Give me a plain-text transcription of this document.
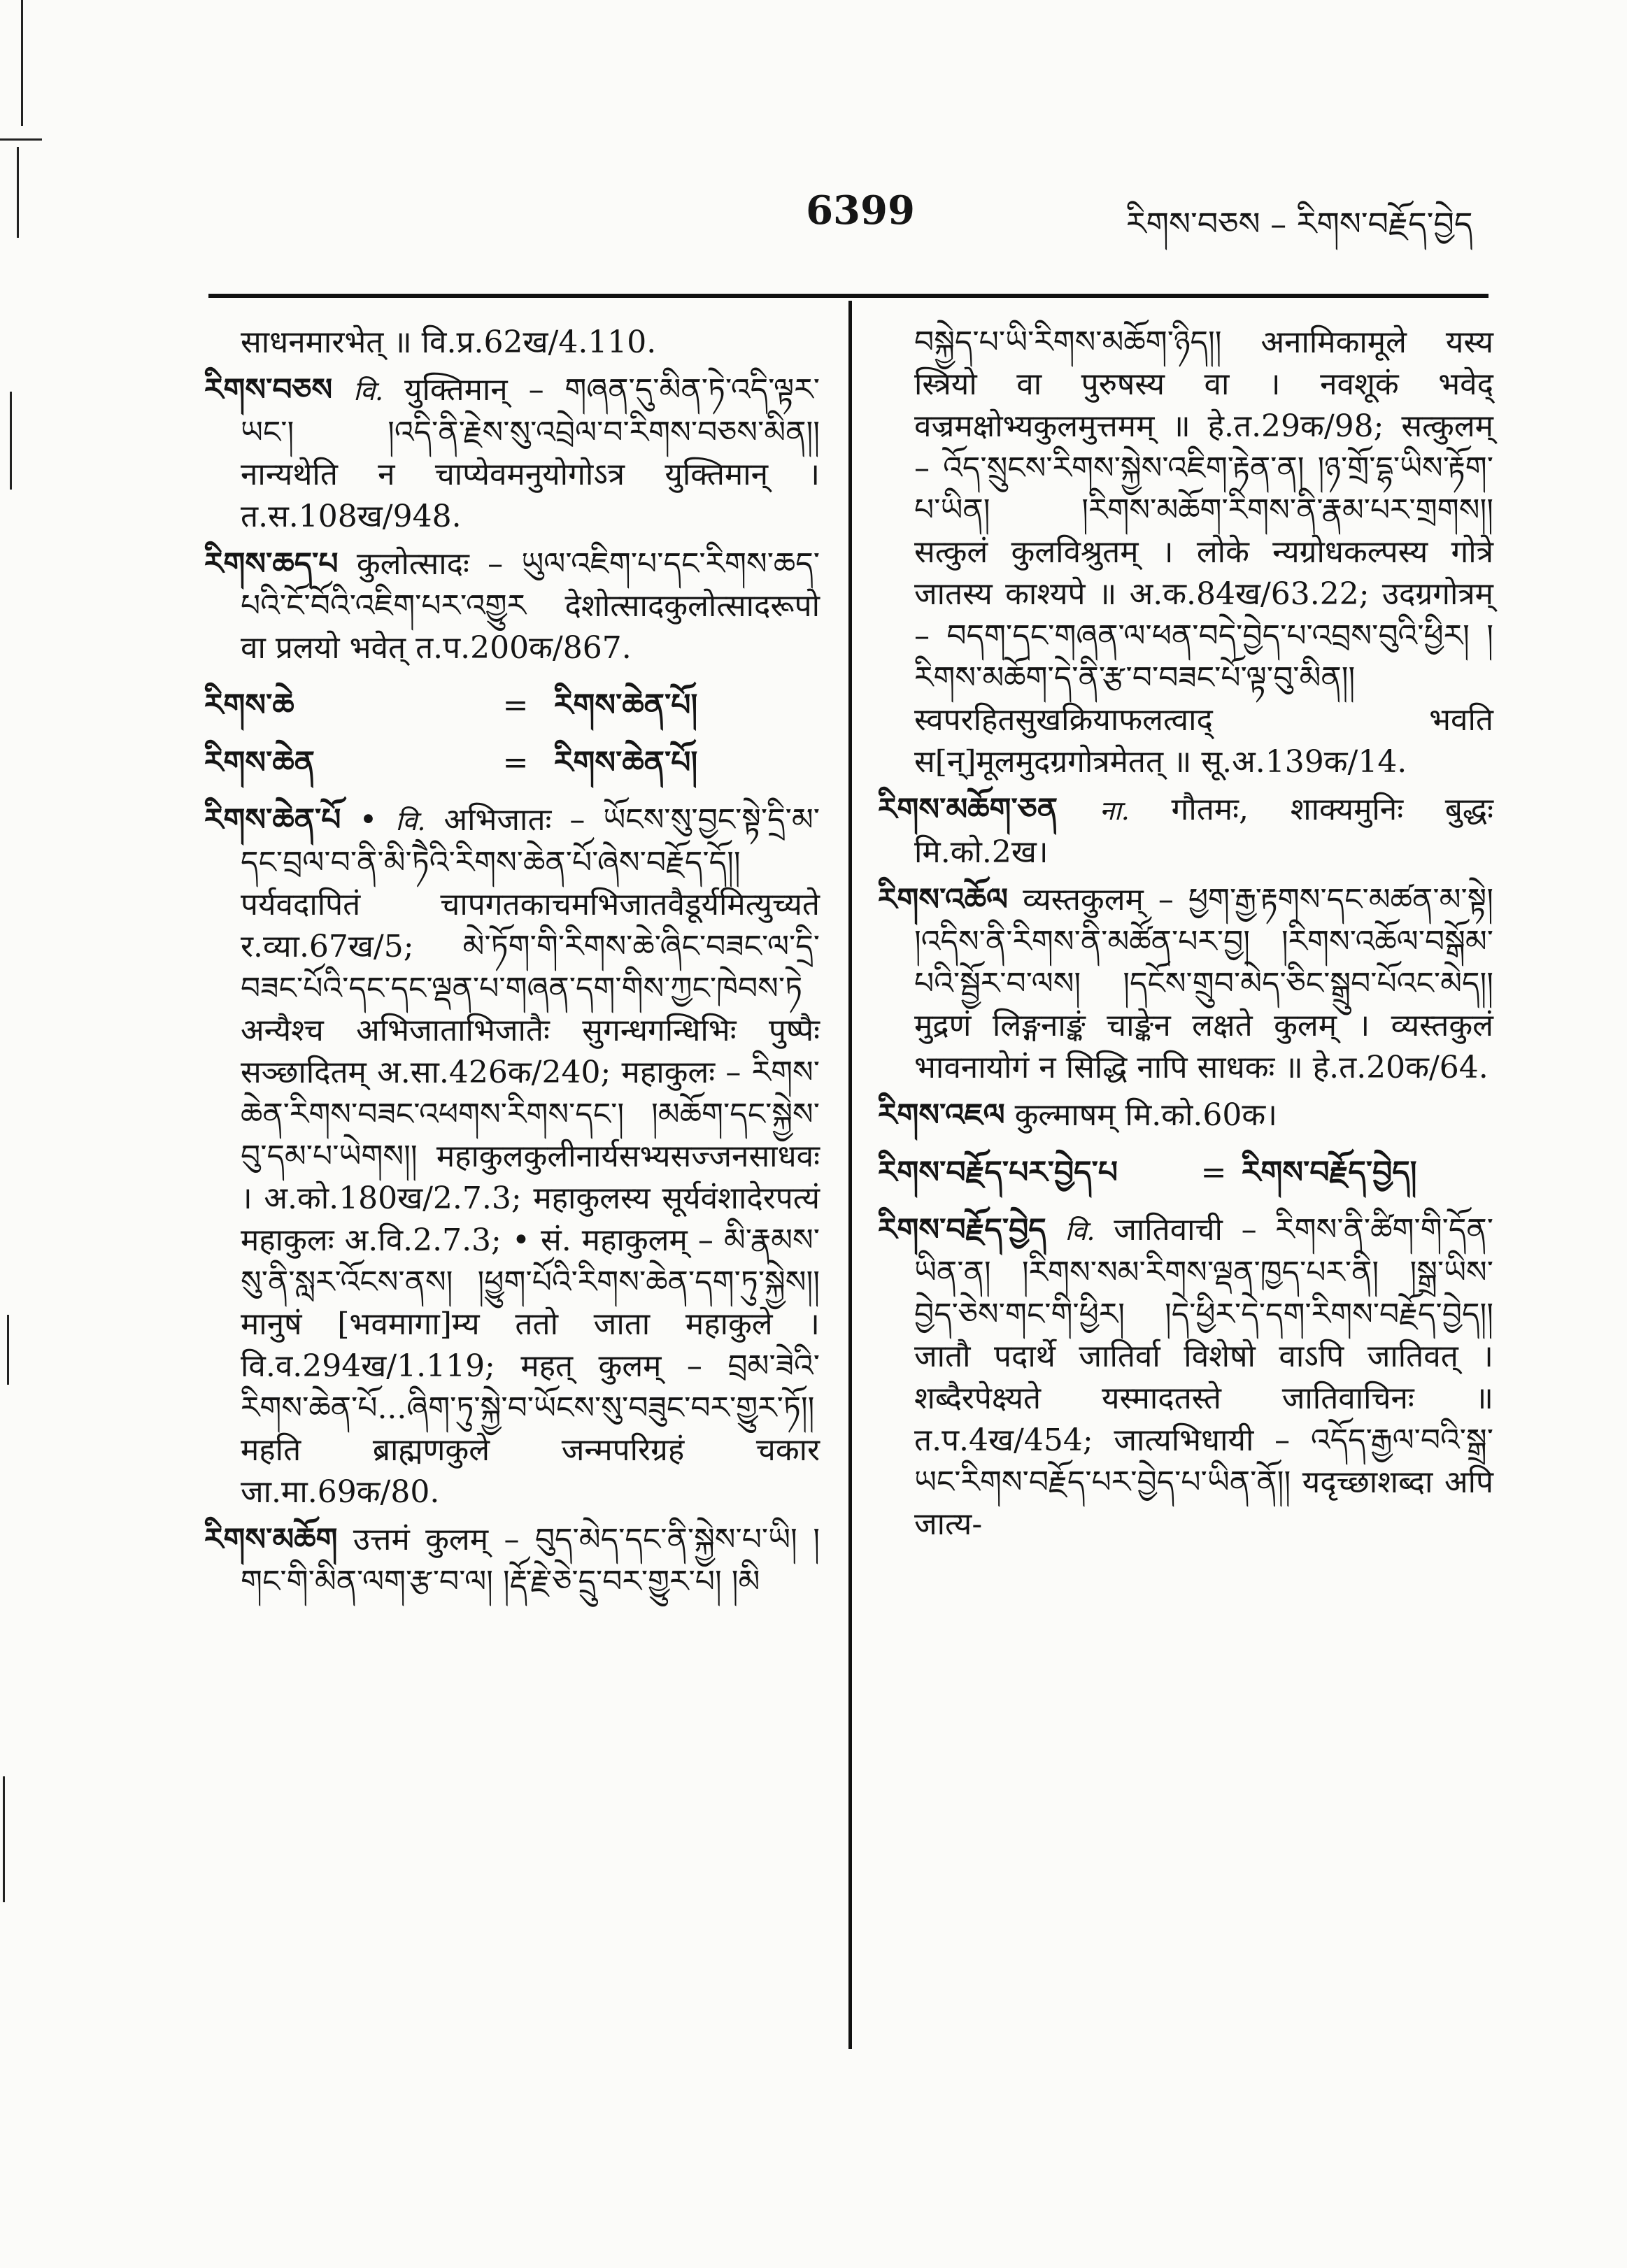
6399	རིགས་བཅས – རིགས་བརྗོད་བྱེད

साधनमारभेत् ॥ वि.प्र.62ख/4.110.

རིགས་བཅས वि. युक्तिमान् – གཞན་དུ་མིན་ཏེ་འདི་ལྟར་ཡང་། །འདི་ནི་རྗེས་སུ་འབྲེལ་བ་རིགས་བཅས་མིན།། नान्यथेति न चाप्येवमनुयोगोऽत्र युक्तिमान् । त.स.108ख/948.

རིགས་ཆད་པ कुलोत्सादः – ཡུལ་འཇིག་པ་དང་རིགས་ཆད་པའི་ངོ་བོའི་འཇིག་པར་འགྱུར देशोत्सादकुलोत्सादरूपो वा प्रलयो भवेत् त.प.200क/867.

རིགས་ཆེ	= རིགས་ཆེན་པོ།
རིགས་ཆེན	= རིགས་ཆེན་པོ།

རིགས་ཆེན་པོ • वि. अभिजातः – ཡོངས་སུ་བྱང་སྟེ་དྲི་མ་དང་བྲལ་བ་ནི་མི་ཏཻའི་རིགས་ཆེན་པོ་ཞེས་བརྗོད་དོ།། पर्यवदापितं चापगतकाचमभिजातवैडूर्यमित्युच्यते र.व्या.67ख/5; མེ་ཏོག་གི་རིགས་ཆེ་ཞིང་བཟང་ལ་དྲི་བཟང་པོའི་དང་དང་ལྡན་པ་གཞན་དག་གིས་ཀྱང་ཁེབས་ཏེ अन्यैश्च अभिजाताभिजातैः सुगन्धगन्धिभिः पुष्पैः सञ्छादितम् अ.सा.426क/240; महाकुलः – རིགས་ཆེན་རིགས་བཟང་འཕགས་རིགས་དང་། །མཆོག་དང་སྐྱེས་བུ་དམ་པ་ཡེགས།། महाकुलकुलीनार्यसभ्यसज्जनसाधवः । अ.को.180ख/2.7.3; महाकुलस्य सूर्यवंशादेरपत्यं महाकुलः अ.वि.2.7.3; • सं. महाकुलम् – མི་རྣམས་སུ་ནི་སླར་འོངས་ནས། །ཕྱུག་པོའི་རིགས་ཆེན་དག་ཏུ་སྐྱེས།། मानुषं [भवमागा]म्य ततो जाता महाकुले । वि.व.294ख/1.119; महत् कुलम् – བྲམ་ཟེའི་རིགས་ཆེན་པོ...ཞིག་ཏུ་སྐྱེ་བ་ཡོངས་སུ་བཟུང་བར་གྱུར་ཏོ།། महति ब्राह्मणकुले जन्मपरिग्रहं चकार जा.मा.69क/80.

རིགས་མཆོག उत्तमं कुलम् – བུད་མེད་དང་ནི་སྐྱེས་པ་ཡི། །གང་གི་མིན་ལག་རྩ་བ་ལ། །རྡོ་རྗེ་ཅེ་དྲུ་བར་གྱུར་པ། །མི

བསྐྱེད་པ་ཡི་རིགས་མཆོག་ཉིད།། अनामिकामूले यस्य स्त्रियो वा पुरुषस्य वा । नवशूकं भवेद् वज्रमक्षोभ्यकुलमुत्तमम् ॥ हे.त.29क/98; सत्कुलम् – འོད་སྲུངས་རིགས་སྐྱེས་འཇིག་རྟེན་ན། །ཉ་གྲོ་དྷ་ཡིས་རྟོག་པ་ཡིན། །རིགས་མཆོག་རིགས་ནི་རྣམ་པར་གྲགས།། सत्कुलं कुलविश्रुतम् । लोके न्यग्रोधकल्पस्य गोत्रे जातस्य काश्यपे ॥ अ.क.84ख/63.22; उदग्रगोत्रम् – བདག་དང་གཞན་ལ་ཕན་བདེ་བྱེད་པ་འབྲས་བུའི་ཕྱིར། །རིགས་མཆོག་དེ་ནི་རྩ་བ་བཟང་པོ་ལྟ་བུ་མིན།། स्वपरहितसुखक्रियाफलत्वाद् भवति स[न्]मूलमुदग्रगोत्रमेतत् ॥ सू.अ.139क/14.

རིགས་མཆོག་ཅན ना. गौतमः, शाक्यमुनिः बुद्धः मि.को.2ख।

རིགས་འཆོལ व्यस्तकुलम् – ཕྱག་རྒྱ་རྟགས་དང་མཚན་མ་སྟེ། །འདིས་ནི་རིགས་ནི་མཚོན་པར་བྱ། །རིགས་འཆོལ་བསྒོམ་པའི་སྦྱོར་བ་ལས། །དངོས་གྲུབ་མེད་ཅིང་སྒྲུབ་པོའང་མེད།། मुद्रणं लिङ्गनाङ्कं चाङ्केन लक्षते कुलम् । व्यस्तकुलं भावनायोगं न सिद्धि नापि साधकः ॥ हे.त.20क/64.

རིགས་འཇལ कुल्माषम् मि.को.60क।

རིགས་བརྗོད་པར་བྱེད་པ	= རིགས་བརྗོད་བྱེད།

རིགས་བརྗོད་བྱེད वि. जातिवाची – རིགས་ནི་ཚིག་གི་དོན་ཡིན་ན། །རིགས་སམ་རིགས་ལྡན་ཁྱད་པར་ནི། །སྒྲ་ཡིས་བྱེད་ཅེས་གང་གི་ཕྱིར། །དེ་ཕྱིར་དེ་དག་རིགས་བརྗོད་བྱེད།། जातौ पदार्थे जातिर्वा विशेषो वाऽपि जातिवत् । शब्दैरपेक्ष्यते यस्मादतस्ते जातिवाचिनः ॥ त.प.4ख/454; जात्यभिधायी – འདོད་རྒྱལ་བའི་སྒྲ་ཡང་རིགས་བརྗོད་པར་བྱེད་པ་ཡིན་ནོ།། यदृच्छाशब्दा अपि जात्य-
